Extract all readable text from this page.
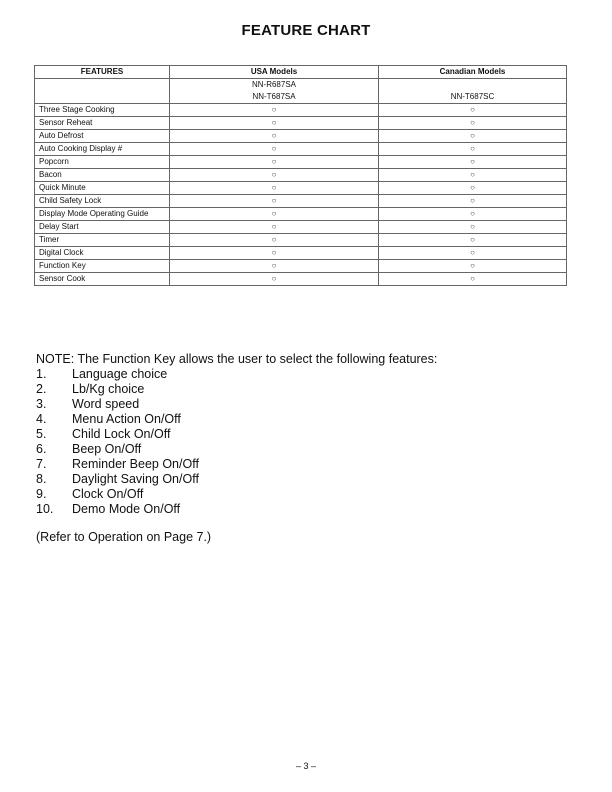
FEATURE CHART
FEATURES	USA Models	Canadian Models
	NN-R687SA	
	NN-T687SA	NN-T687SC
Three Stage Cooking	○	○
Sensor Reheat	○	○
Auto Defrost	○	○
Auto Cooking Display #	○	○
Popcorn	○	○
Bacon	○	○
Quick Minute	○	○
Child Safety Lock	○	○
Display Mode Operating Guide	○	○
Delay Start	○	○
Timer	○	○
Digital Clock	○	○
Function Key	○	○
Sensor Cook	○	○
NOTE: The Function Key allows the user to select the following features:
1.	Language choice
2.	Lb/Kg choice
3.	Word speed
4.	Menu Action On/Off
5.	Child Lock On/Off
6.	Beep On/Off
7.	Reminder Beep On/Off
8.	Daylight Saving On/Off
9.	Clock On/Off
10.	Demo Mode On/Off
(Refer to Operation on Page 7.)
– 3 –
